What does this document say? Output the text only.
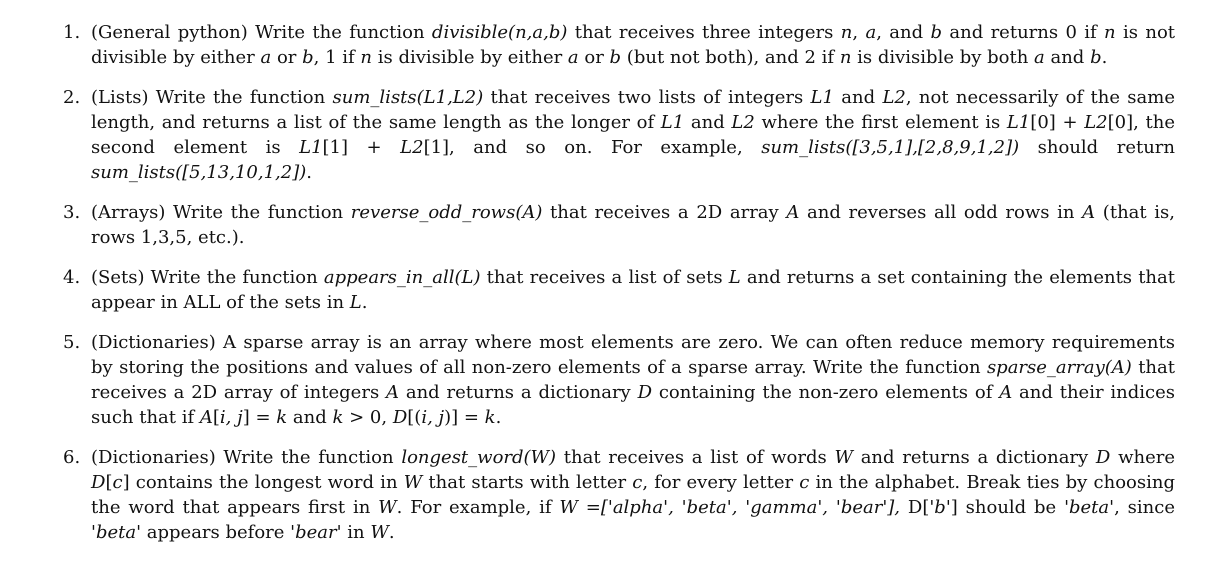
1. (General python) Write the function divisible(n,a,b) that receives three integers n, a, and b and returns 0 if n is not divisible by either a or b, 1 if n is divisible by either a or b (but not both), and 2 if n is divisible by both a and b.
2. (Lists) Write the function sum_lists(L1,L2) that receives two lists of integers L1 and L2, not necessarily of the same length, and returns a list of the same length as the longer of L1 and L2 where the first element is L1[0] + L2[0], the second element is L1[1] + L2[1], and so on. For example, sum_lists([3,5,1],[2,8,9,1,2]) should return sum_lists([5,13,10,1,2]).
3. (Arrays) Write the function reverse_odd_rows(A) that receives a 2D array A and reverses all odd rows in A (that is, rows 1,3,5, etc.).
4. (Sets) Write the function appears_in_all(L) that receives a list of sets L and returns a set containing the elements that appear in ALL of the sets in L.
5. (Dictionaries) A sparse array is an array where most elements are zero. We can often reduce memory requirements by storing the positions and values of all non-zero elements of a sparse array. Write the function sparse_array(A) that receives a 2D array of integers A and returns a dictionary D containing the non-zero elements of A and their indices such that if A[i, j] = k and k > 0, D[(i, j)] = k.
6. (Dictionaries) Write the function longest_word(W) that receives a list of words W and returns a dictionary D where D[c] contains the longest word in W that starts with letter c, for every letter c in the alphabet. Break ties by choosing the word that appears first in W. For example, if W =['alpha', 'beta', 'gamma', 'bear'], D['b'] should be 'beta', since 'beta' appears before 'bear' in W.
